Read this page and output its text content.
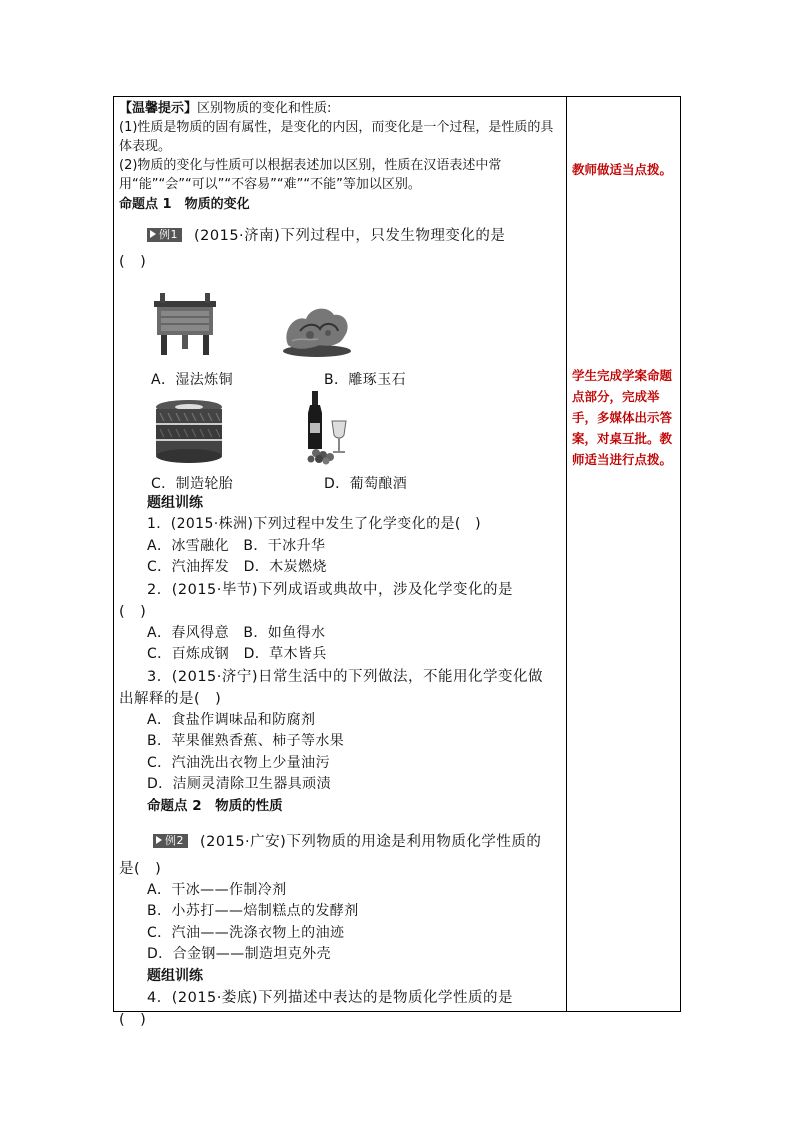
【温馨提示】区别物质的变化和性质:

(1)性质是物质的固有属性，是变化的内因，而变化是一个过程，是性质的具体表现。

(2)物质的变化与性质可以根据表述加以区别，性质在汉语表述中常用“能”“会”“可以”“不容易”“难”“不能”等加以区别。

命题点 1　物质的变化

例1 (2015·济南)下列过程中，只发生物理变化的是

(　)

A．湿法炼铜	B．雕琢玉石
C．制造轮胎	D．葡萄酿酒

题组训练

1．(2015·株洲)下列过程中发生了化学变化的是(　)

A．冰雪融化　B．干冰升华

C．汽油挥发　D．木炭燃烧

2．(2015·毕节)下列成语或典故中，涉及化学变化的是

(　)

A．春风得意　B．如鱼得水

C．百炼成钢　D．草木皆兵

3．(2015·济宁)日常生活中的下列做法，不能用化学变化做

出解释的是(　)

A．食盐作调味品和防腐剂

B．苹果催熟香蕉、柿子等水果

C．汽油洗出衣物上少量油污

D．洁厕灵清除卫生器具顽渍

命题点 2　物质的性质

例2 (2015·广安)下列物质的用途是利用物质化学性质的

是(　)

A．干冰——作制冷剂

B．小苏打——焙制糕点的发酵剂

C．汽油——洗涤衣物上的油迹

D．合金钢——制造坦克外壳

题组训练

4．(2015·娄底)下列描述中表达的是物质化学性质的是

(　)

教师做适当点拨。
学生完成学案命题点部分，完成举手，多媒体出示答案，对桌互批。教师适当进行点拨。
